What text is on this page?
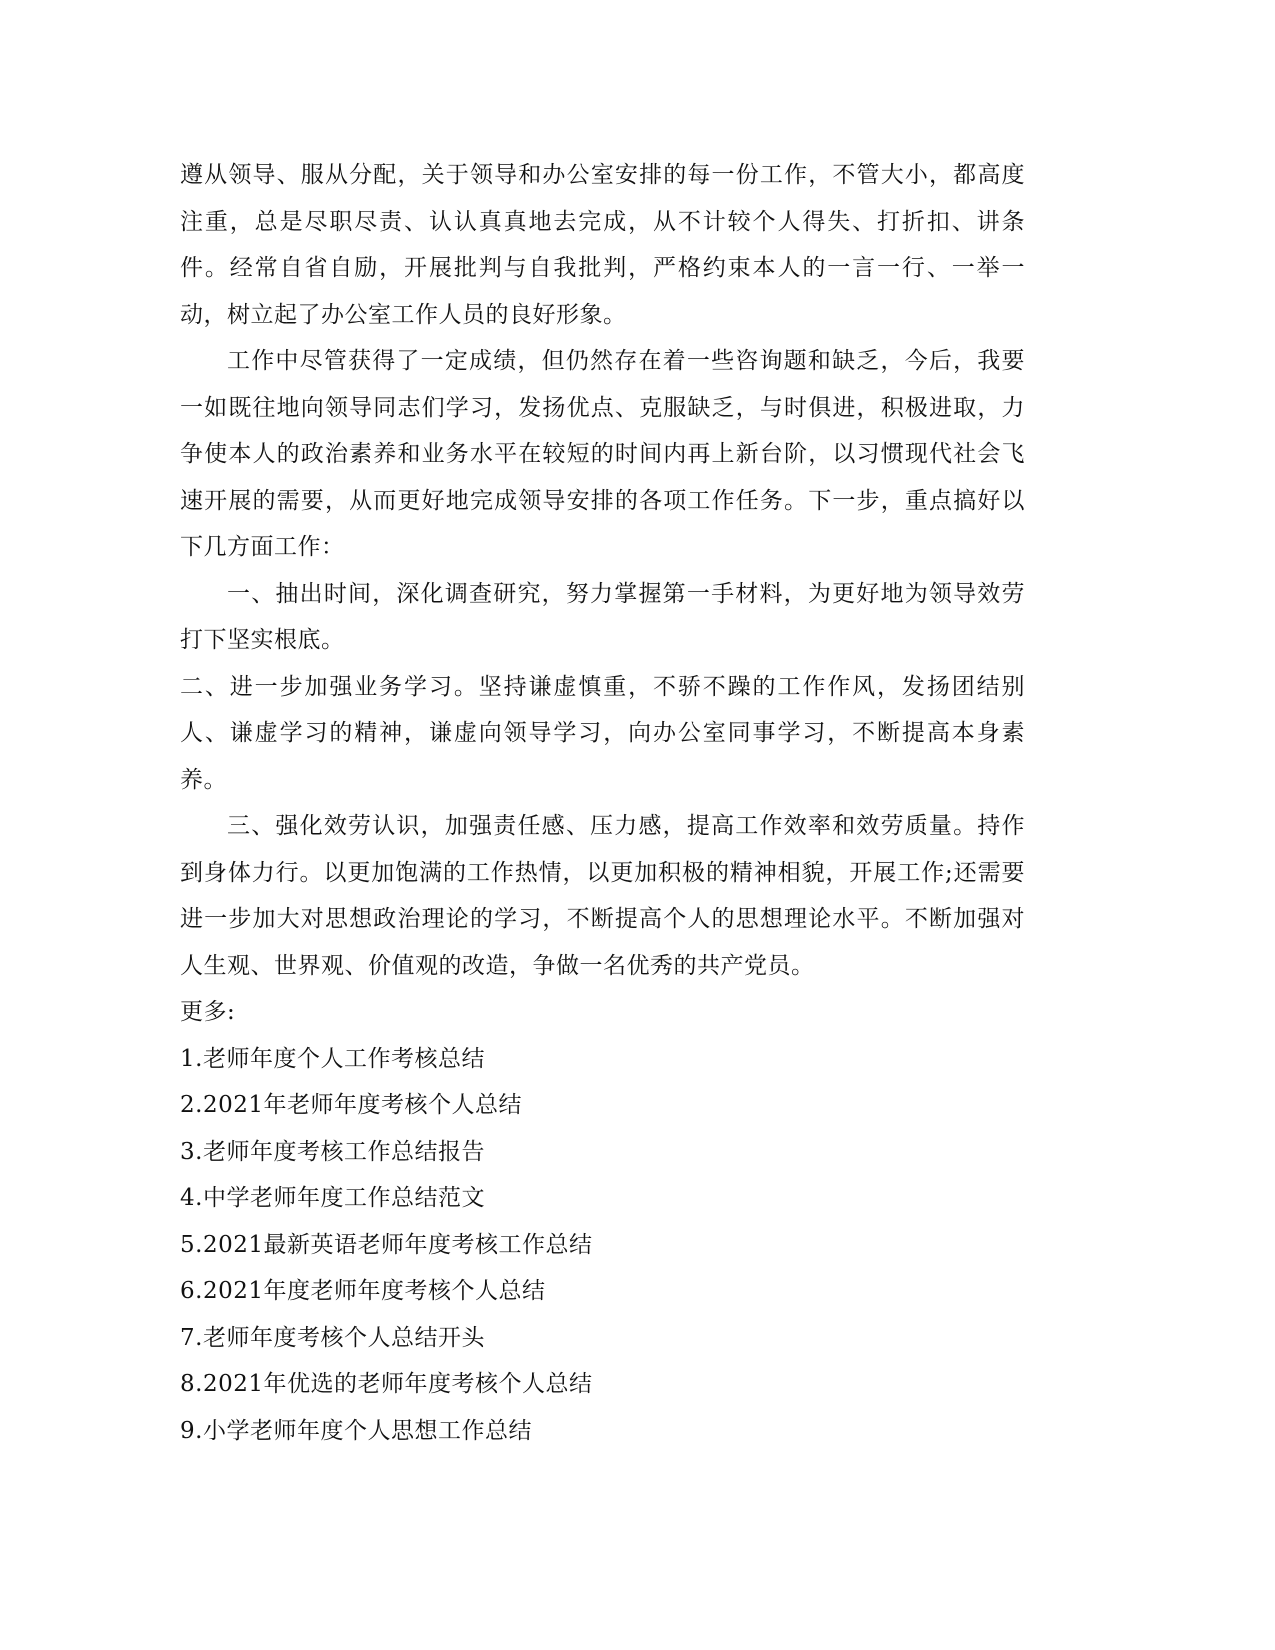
遵从领导、服从分配，关于领导和办公室安排的每一份工作，不管大小，都高度注重，总是尽职尽责、认认真真地去完成，从不计较个人得失、打折扣、讲条件。经常自省自励，开展批判与自我批判，严格约束本人的一言一行、一举一动，树立起了办公室工作人员的良好形象。

工作中尽管获得了一定成绩，但仍然存在着一些咨询题和缺乏，今后，我要一如既往地向领导同志们学习，发扬优点、克服缺乏，与时俱进，积极进取，力争使本人的政治素养和业务水平在较短的时间内再上新台阶，以习惯现代社会飞速开展的需要，从而更好地完成领导安排的各项工作任务。下一步，重点搞好以下几方面工作：

一、抽出时间，深化调查研究，努力掌握第一手材料，为更好地为领导效劳打下坚实根底。

二、进一步加强业务学习。坚持谦虚慎重，不骄不躁的工作作风，发扬团结别人、谦虚学习的精神，谦虚向领导学习，向办公室同事学习，不断提高本身素养。

三、强化效劳认识，加强责任感、压力感，提高工作效率和效劳质量。持作到身体力行。以更加饱满的工作热情，以更加积极的精神相貌，开展工作;还需要进一步加大对思想政治理论的学习，不断提高个人的思想理论水平。不断加强对人生观、世界观、价值观的改造，争做一名优秀的共产党员。

更多:

1.老师年度个人工作考核总结

2.2021年老师年度考核个人总结

3.老师年度考核工作总结报告

4.中学老师年度工作总结范文

5.2021最新英语老师年度考核工作总结

6.2021年度老师年度考核个人总结

7.老师年度考核个人总结开头

8.2021年优选的老师年度考核个人总结

9.小学老师年度个人思想工作总结
